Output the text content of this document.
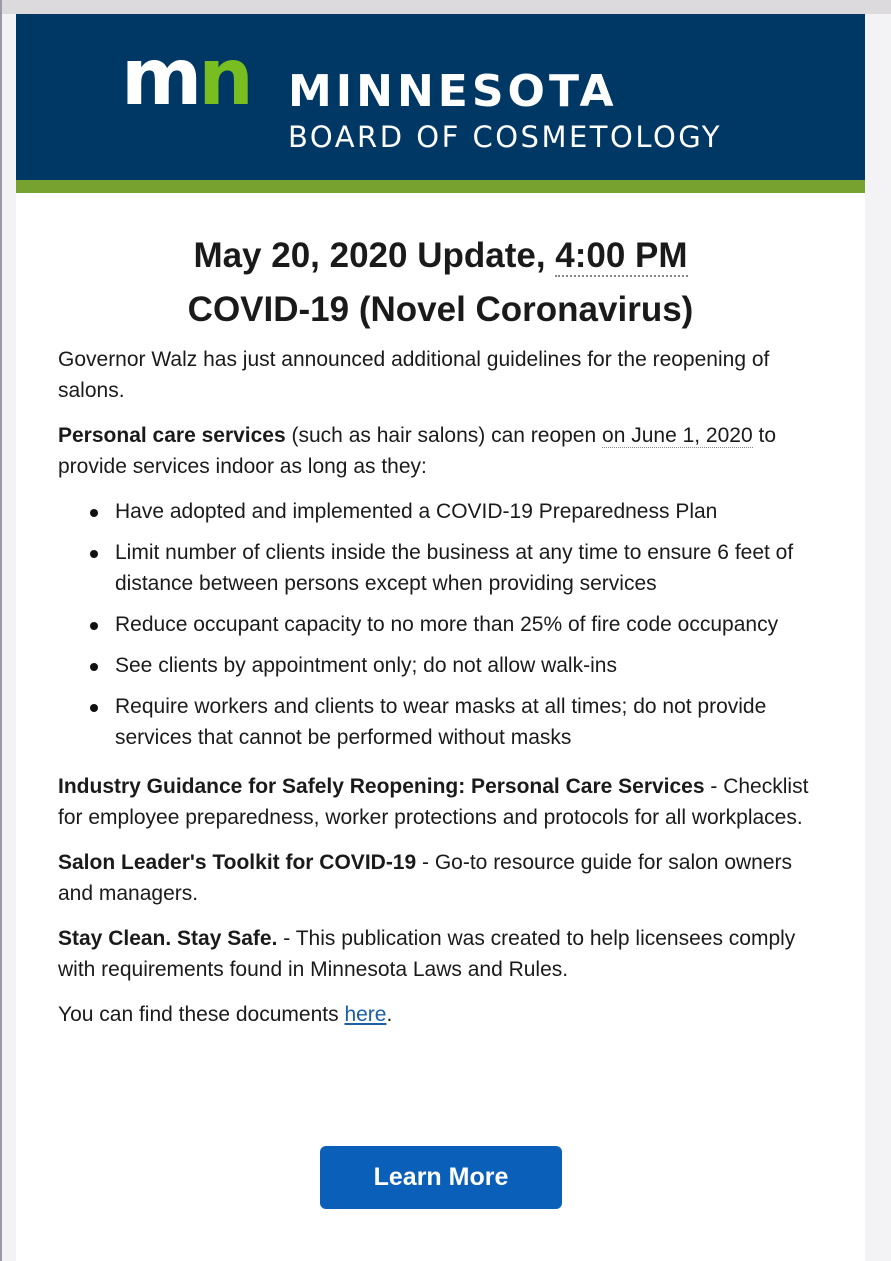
mn MINNESOTA
BOARD OF COSMETOLOGY
May 20, 2020 Update, 4:00 PM
COVID-19 (Novel Coronavirus)

Governor Walz has just announced additional guidelines for the reopening of salons.

Personal care services (such as hair salons) can reopen on June 1, 2020 to provide services indoor as long as they:

Have adopted and implemented a COVID-19 Preparedness Plan
Limit number of clients inside the business at any time to ensure 6 feet of distance between persons except when providing services
Reduce occupant capacity to no more than 25% of fire code occupancy
See clients by appointment only; do not allow walk-ins
Require workers and clients to wear masks at all times; do not provide services that cannot be performed without masks

Industry Guidance for Safely Reopening: Personal Care Services - Checklist for employee preparedness, worker protections and protocols for all workplaces.

Salon Leader's Toolkit for COVID-19 - Go-to resource guide for salon owners and managers.

Stay Clean. Stay Safe. - This publication was created to help licensees comply with requirements found in Minnesota Laws and Rules.

You can find these documents here.

Learn More
